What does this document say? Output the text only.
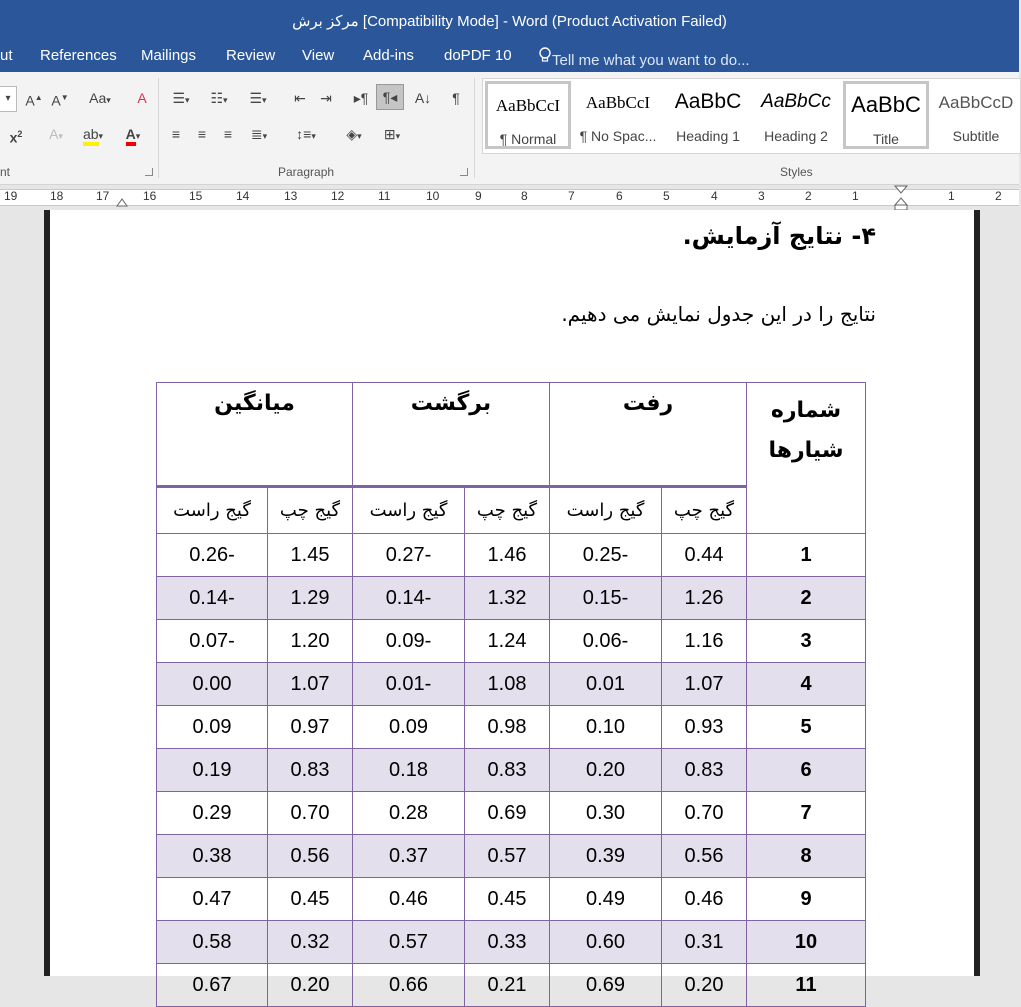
مرکز برش [Compatibility Mode] - Word (Product Activation Failed)
ut References Mailings Review View Add-ins doPDF 10	Tell me what you want to do...
▾	A▲ A▼	Aa▾	A
$x^2$	A▾	ab▾	A▾
nt
☰▾	☷▾	☰▾	⇤ ⇥ ▸¶	¶◂	A↓	¶
≡	≡	≡	≣▾	↕≡▾	◈▾	⊞▾
Paragraph
AaBbCcI
¶ Normal
AaBbCcI
¶ No Spac...
AaBbC
Heading 1
AaBbCc
Heading 2
AaBbC
Title
AaBbCcD
Subtitle
Styles
19	18	17	16	15	14	13	12	11	10	9	8	7	6	5	4	3	2	1	1	2
۴- نتایج آزمایش.
نتایج را در این جدول نمایش می دهیم.
شماره شیارها	رفت		برگشت		میانگین	
	گیج چپ	گیج راست	گیج چپ	گیج راست	گیج چپ	گیج راست
1	0.44	-0.25	1.46	-0.27	1.45	-0.26
2	1.26	-0.15	1.32	-0.14	1.29	-0.14
3	1.16	-0.06	1.24	-0.09	1.20	-0.07
4	1.07	0.01	1.08	-0.01	1.07	0.00
5	0.93	0.10	0.98	0.09	0.97	0.09
6	0.83	0.20	0.83	0.18	0.83	0.19
7	0.70	0.30	0.69	0.28	0.70	0.29
8	0.56	0.39	0.57	0.37	0.56	0.38
9	0.46	0.49	0.45	0.46	0.45	0.47
10	0.31	0.60	0.33	0.57	0.32	0.58
11	0.20	0.69	0.21	0.66	0.20	0.67
